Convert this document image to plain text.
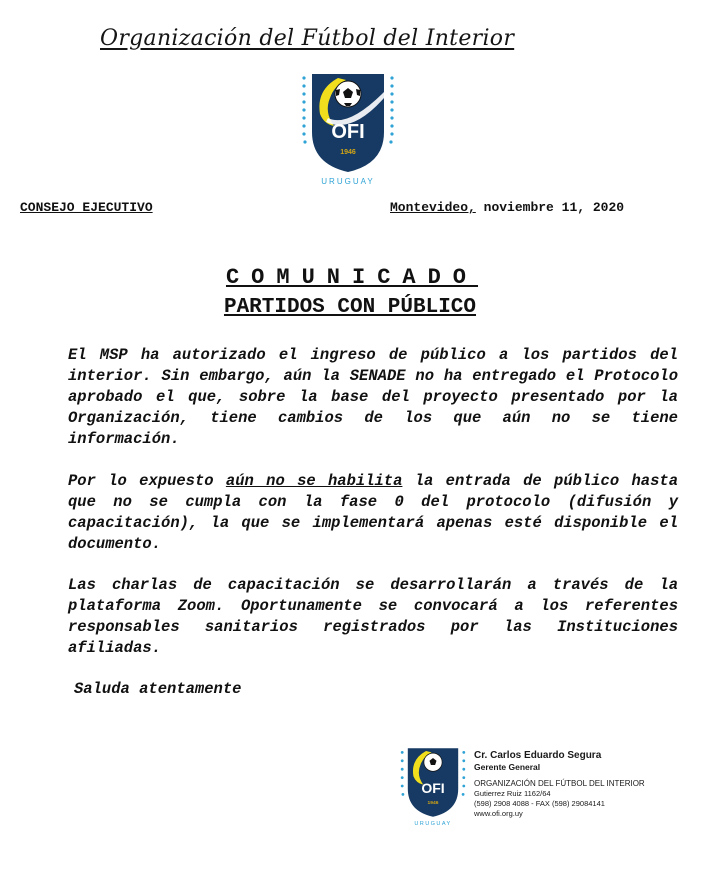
Organización del Fútbol del Interior
OFI
1946
URUGUAY
CONSEJO EJECUTIVO	Montevideo, noviembre 11, 2020
COMUNICADO
PARTIDOS CON PÚBLICO

El MSP ha autorizado el ingreso de público a los partidos del interior. Sin embargo, aún la SENADE no ha entregado el Protocolo aprobado el que, sobre la base del proyecto presentado por la Organización, tiene cambios de los que aún no se tiene información.

Por lo expuesto aún no se habilita la entrada de público hasta que no se cumpla con la fase 0 del protocolo (difusión y capacitación), la que se implementará apenas esté disponible el documento.

Las charlas de capacitación se desarrollarán a través de la plataforma Zoom. Oportunamente se convocará a los referentes responsables sanitarios registrados por las Instituciones afiliadas.

Saluda atentamente
OFI
1946
URUGUAY

Cr. Carlos Eduardo Segura

Gerente General

ORGANIZACIÓN DEL FÚTBOL DEL INTERIOR

Gutierrez Ruiz 1162/64

(598) 2908 4088 - FAX (598) 29084141

www.ofi.org.uy
